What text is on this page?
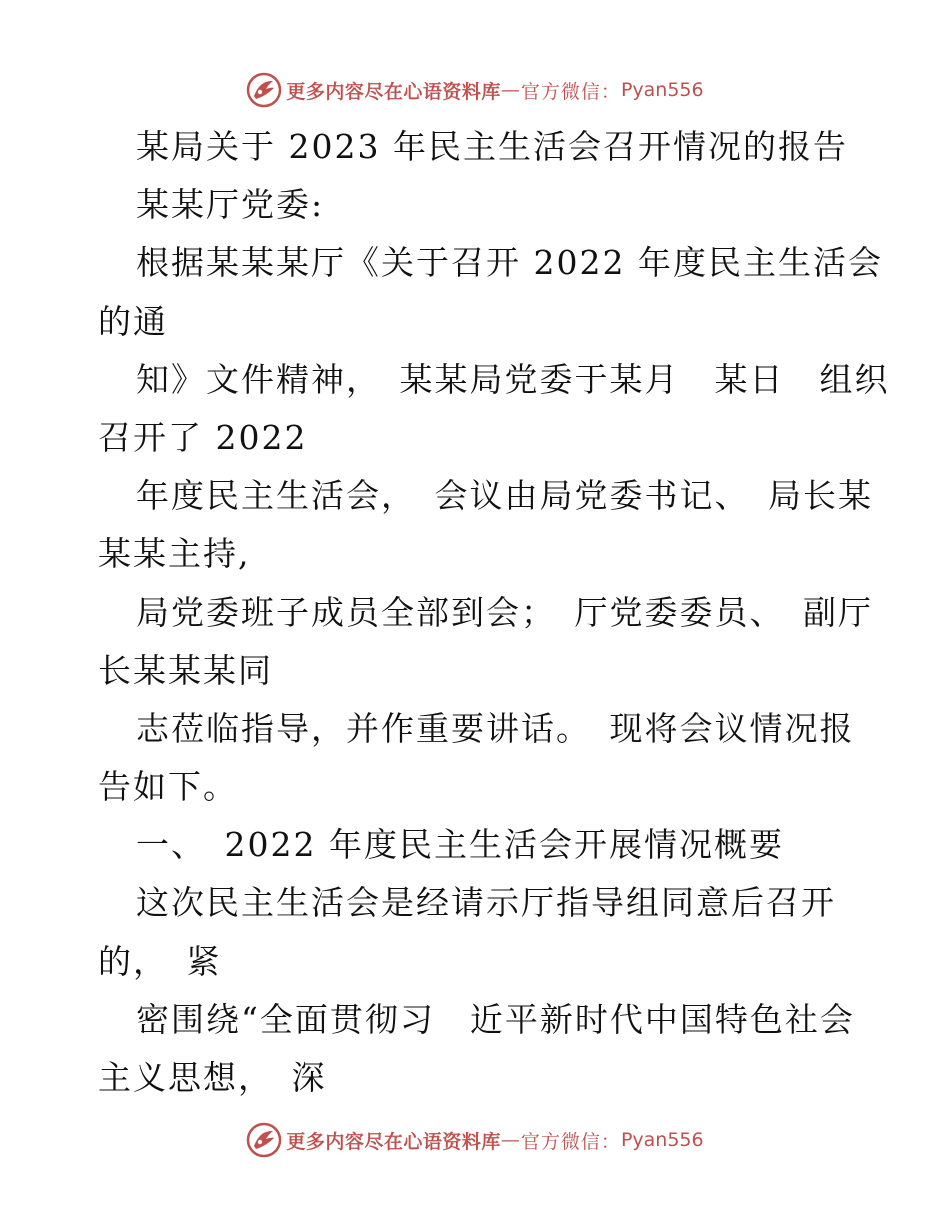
更多内容尽在心语资料库 — 官方微信： Pyan556
某局关于 2023 年民主生活会召开情况的报告
某某厅党委:
根据某某某厅《关于召开 2022 年度民主生活会
的通
知》文件精神，　某某局党委于某月　某日　组织
召开了 2022
年度民主生活会，　会议由局党委书记、　局长某
某某主持,
局党委班子成员全部到会；　厅党委委员、　副厅
长某某某同
志莅临指导，并作重要讲话。　现将会议情况报
告如下。
一、　2022 年度民主生活会开展情况概要
这次民主生活会是经请示厅指导组同意后召开
的，　紧
密围绕“全面贯彻习　近平新时代中国特色社会
主义思想，　深
更多内容尽在心语资料库 — 官方微信： Pyan556
